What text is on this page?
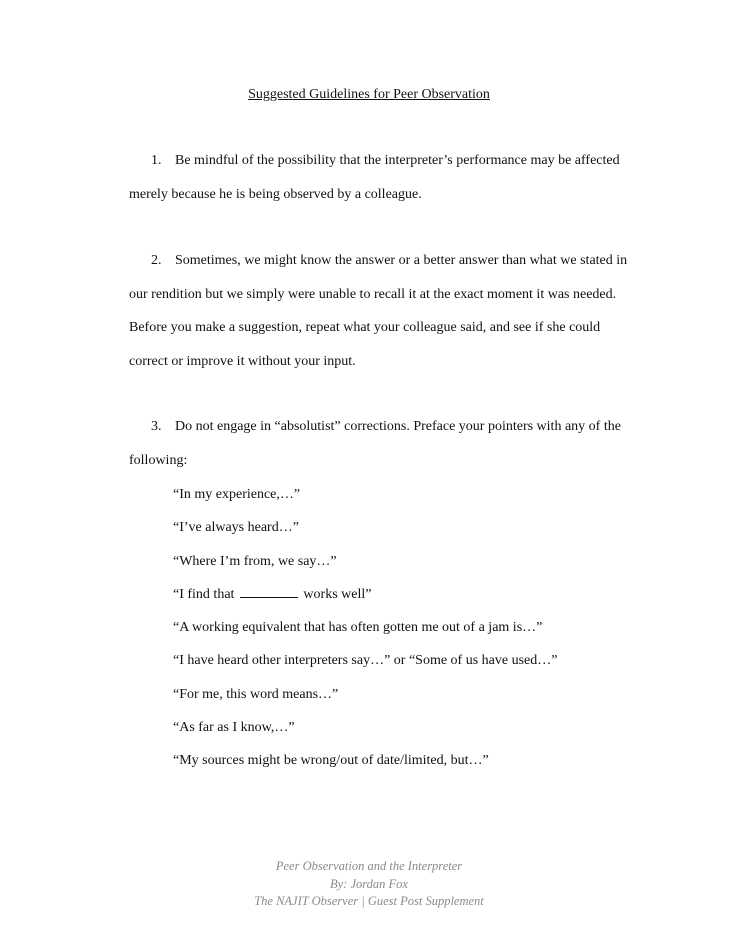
Suggested Guidelines for Peer Observation
1. Be mindful of the possibility that the interpreter’s performance may be affected
merely because he is being observed by a colleague.
2. Sometimes, we might know the answer or a better answer than what we stated in
our rendition but we simply were unable to recall it at the exact moment it was needed.
Before you make a suggestion, repeat what your colleague said, and see if she could
correct or improve it without your input.
3. Do not engage in “absolutist” corrections. Preface your pointers with any of the
following:
“In my experience,…”
“I’ve always heard…”
“Where I’m from, we say…”
“I find that	works well”
“A working equivalent that has often gotten me out of a jam is…”
“I have heard other interpreters say…” or “Some of us have used…”
“For me, this word means…”
“As far as I know,…”
“My sources might be wrong/out of date/limited, but…”
Peer Observation and the Interpreter
By: Jordan Fox
The NAJIT Observer | Guest Post Supplement
